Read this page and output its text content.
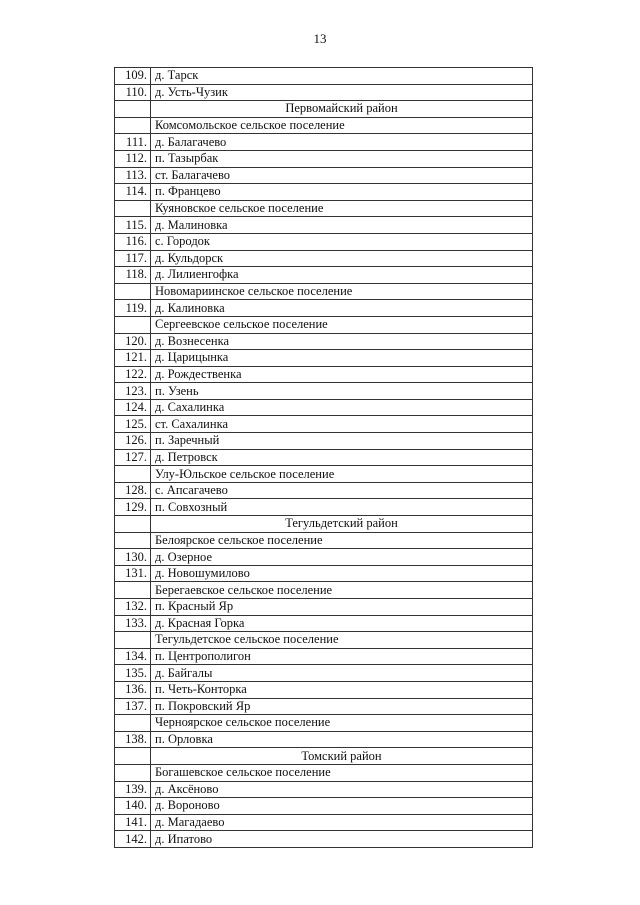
13
109.	д. Тарск
110.	д. Усть-Чузик
	Первомайский район
	Комсомольское сельское поселение
111.	д. Балагачево
112.	п. Тазырбак
113.	ст. Балагачево
114.	п. Францево
	Куяновское сельское поселение
115.	д. Малиновка
116.	с. Городок
117.	д. Кульдорск
118.	д. Лилиенгофка
	Новомариинское сельское поселение
119.	д. Калиновка
	Сергеевское сельское поселение
120.	д. Вознесенка
121.	д. Царицынка
122.	д. Рождественка
123.	п. Узень
124.	д. Сахалинка
125.	ст. Сахалинка
126.	п. Заречный
127.	д. Петровск
	Улу-Юльское сельское поселение
128.	с. Апсагачево
129.	п. Совхозный
	Тегульдетский район
	Белоярское сельское поселение
130.	д. Озерное
131.	д. Новошумилово
	Берегаевское сельское поселение
132.	п. Красный Яр
133.	д. Красная Горка
	Тегульдетское сельское поселение
134.	п. Центрополигон
135.	д. Байгалы
136.	п. Четь-Конторка
137.	п. Покровский Яр
	Черноярское сельское поселение
138.	п. Орловка
	Томский район
	Богашевское сельское поселение
139.	д. Аксёново
140.	д. Вороново
141.	д. Магадаево
142.	д. Ипатово
